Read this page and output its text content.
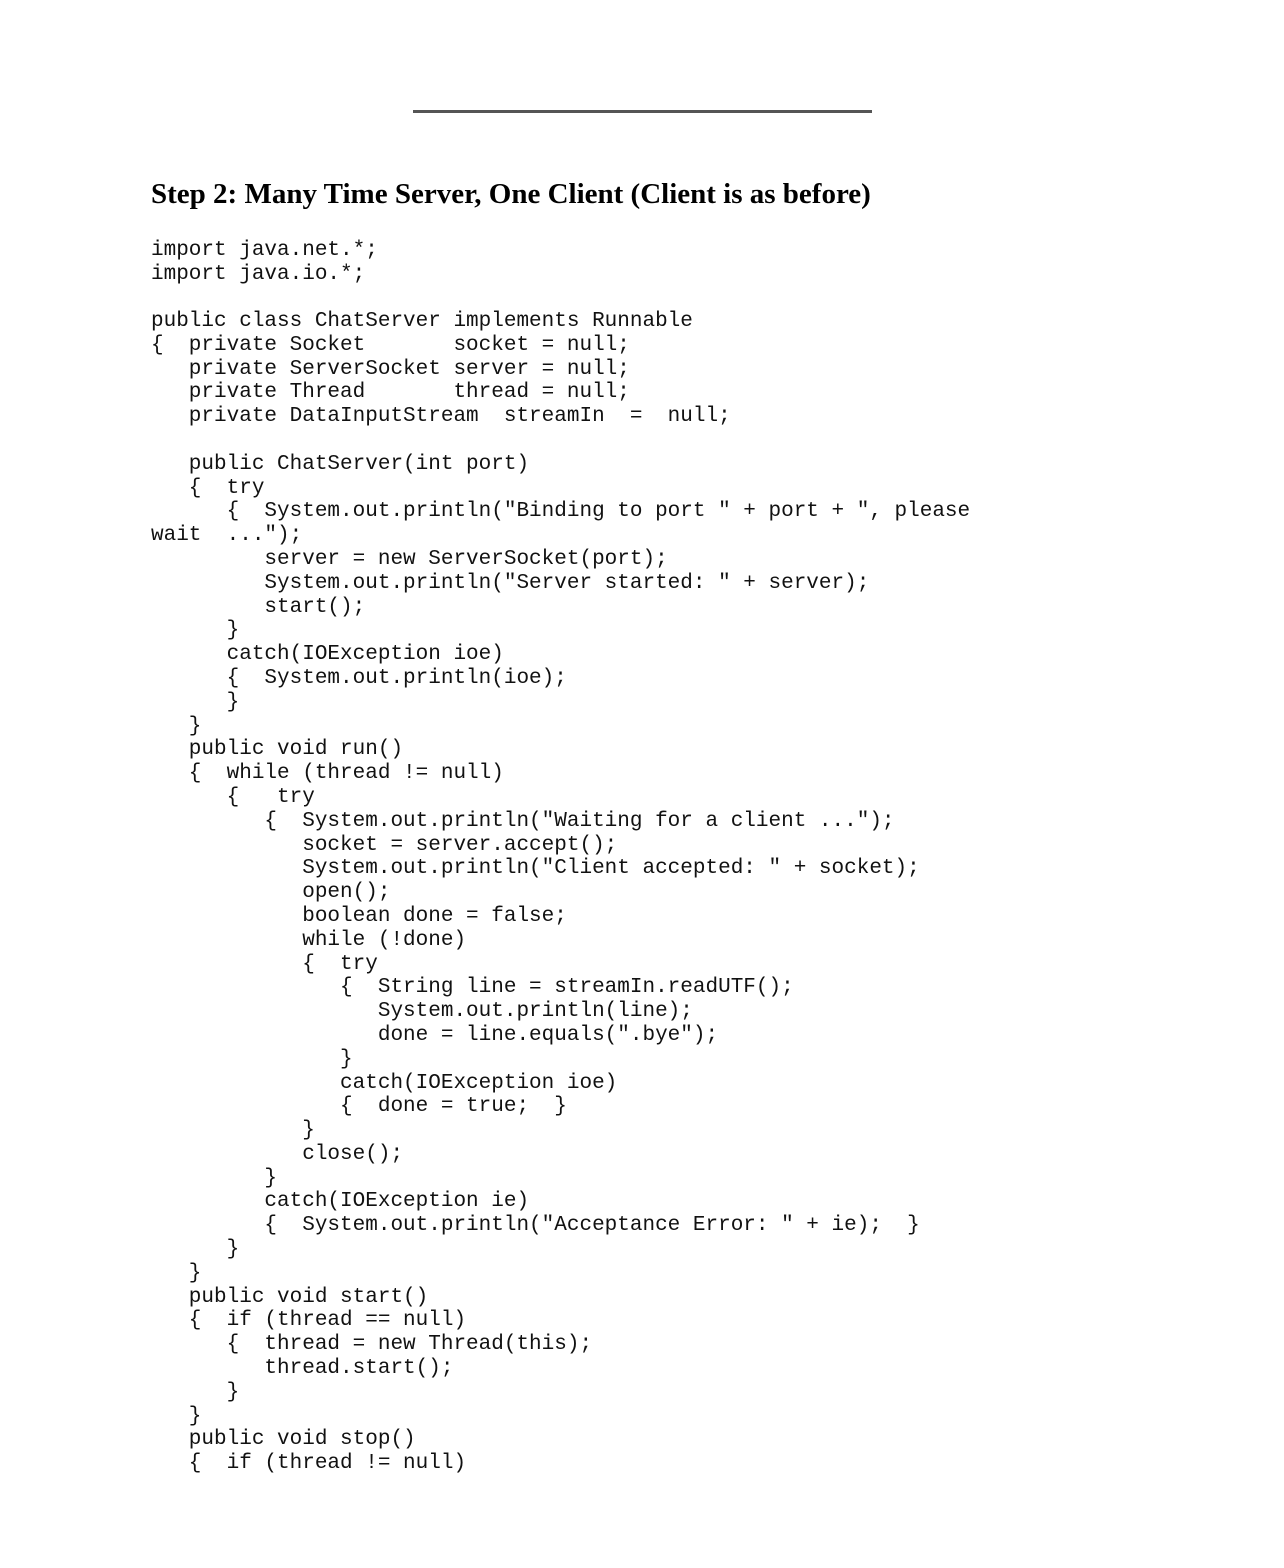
Step 2: Many Time Server, One Client (Client is as before)
import java.net.*;
import java.io.*;
public class ChatServer implements Runnable
{  private Socket       socket = null;
private ServerSocket server = null;
private Thread       thread = null;
private DataInputStream  streamIn  =  null;

public ChatServer(int port)
{  try
{  System.out.println("Binding to port " + port + ", please
wait  ...");
server = new ServerSocket(port);
System.out.println("Server started: " + server);
start();
}
catch(IOException ioe)
{  System.out.println(ioe);
}
}
public void run()
{  while (thread != null)
{   try
{  System.out.println("Waiting for a client ...");
socket = server.accept();
System.out.println("Client accepted: " + socket);
open();
boolean done = false;
while (!done)
{  try
{  String line = streamIn.readUTF();
System.out.println(line);
done = line.equals(".bye");
}
catch(IOException ioe)
{  done = true;  }
}
close();
}
catch(IOException ie)
{  System.out.println("Acceptance Error: " + ie);  }
}
}
public void start()
{  if (thread == null)
{  thread = new Thread(this);
thread.start();
}
}
public void stop()
{  if (thread != null)
